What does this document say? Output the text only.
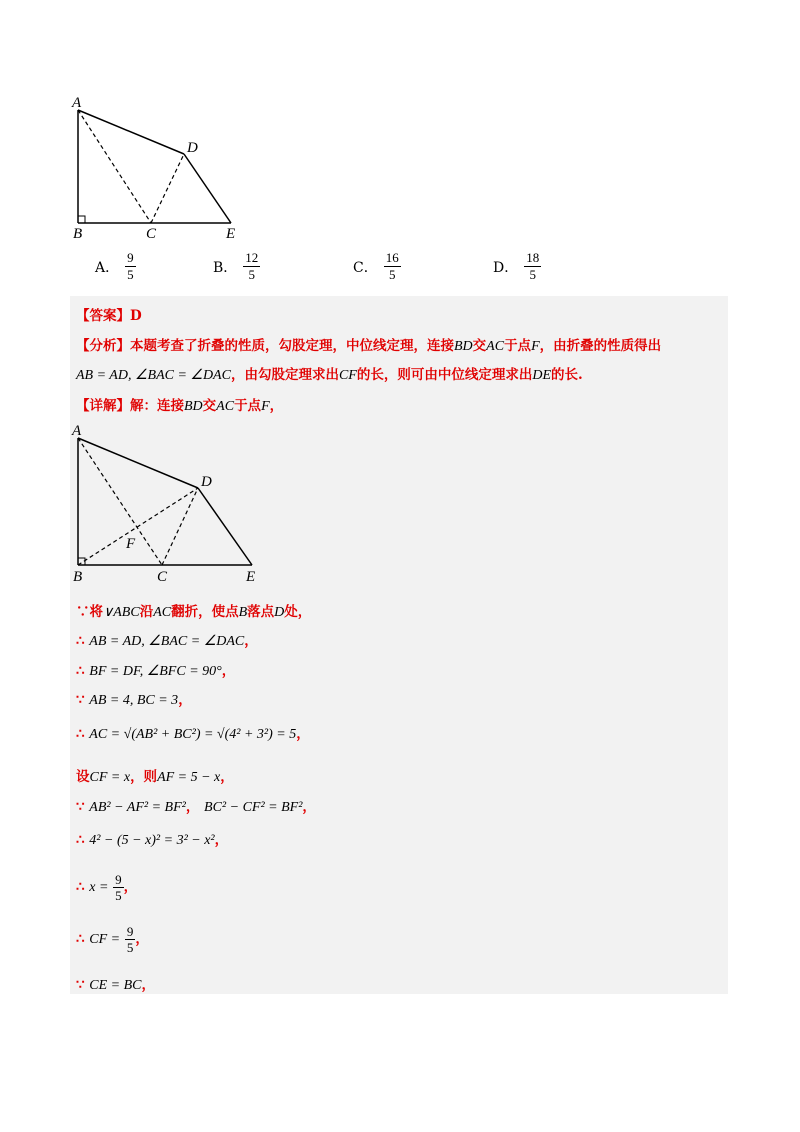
A
B	C
D
E
A． $\frac{9}{5}$	B． $\frac{12}{5}$	C． $\frac{16}{5}$	D． $\frac{18}{5}$
【答案】D
【分析】本题考查了折叠的性质，勾股定理，中位线定理，连接BD交AC于点F，由折叠的性质得出
AB = AD, ∠BAC = ∠DAC，由勾股定理求出CF的长，则可由中位线定理求出DE的长.
【详解】解：连接BD交AC于点F，
A
B	C
D
E
F
∵将∨ABC沿AC翻折，使点B落点D处，
∴ AB = AD, ∠BAC = ∠DAC，
∴ BF = DF, ∠BFC = 90°，
∵ AB = 4, BC = 3，
∴ AC = √(AB² + BC²) = √(4² + 3²) = 5，
设CF = x，则AF = 5 − x，
∵ AB² − AF² = BF²， BC² − CF² = BF²，
∴ 4² − (5 − x)² = 3² − x²，
∴ $x = \frac{9}{5}$ ，
∴ CF = $\frac{9}{5}$ ，
∵ CE = BC，
